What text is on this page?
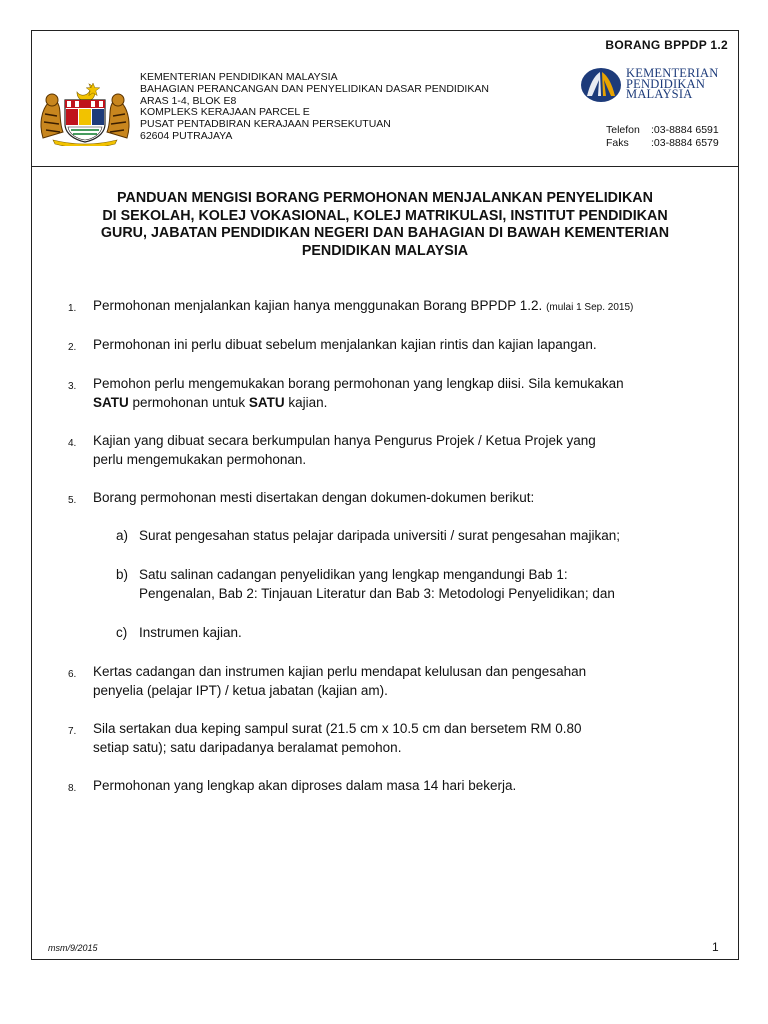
BORANG BPPDP 1.2
KEMENTERIAN PENDIDIKAN MALAYSIA
BAHAGIAN PERANCANGAN DAN PENYELIDIKAN DASAR PENDIDIKAN
ARAS 1-4, BLOK E8
KOMPLEKS KERAJAAN PARCEL E
PUSAT PENTADBIRAN KERAJAAN PERSEKUTUAN
62604 PUTRAJAYA
KEMENTERIAN
PENDIDIKAN
MALAYSIA
Telefon	:03-8884 6591
Faks	:03-8884 6579
PANDUAN MENGISI BORANG PERMOHONAN MENJALANKAN PENYELIDIKAN
DI SEKOLAH, KOLEJ VOKASIONAL, KOLEJ MATRIKULASI, INSTITUT PENDIDIKAN
GURU, JABATAN PENDIDIKAN NEGERI DAN BAHAGIAN DI BAWAH KEMENTERIAN
PENDIDIKAN MALAYSIA
1. Permohonan menjalankan kajian hanya menggunakan Borang BPPDP 1.2. (mulai 1 Sep. 2015)
2. Permohonan ini perlu dibuat sebelum menjalankan kajian rintis dan kajian lapangan.
3. Pemohon perlu mengemukakan borang permohonan yang lengkap diisi. Sila kemukakan
SATU permohonan untuk SATU kajian.
4. Kajian yang dibuat secara berkumpulan hanya Pengurus Projek / Ketua Projek yang
perlu mengemukakan permohonan.
5. Borang permohonan mesti disertakan dengan dokumen-dokumen berikut:
a) Surat pengesahan status pelajar daripada universiti / surat pengesahan majikan;
b) Satu salinan cadangan penyelidikan yang lengkap mengandungi Bab 1:
Pengenalan, Bab 2: Tinjauan Literatur dan Bab 3: Metodologi Penyelidikan; dan
c) Instrumen kajian.
6. Kertas cadangan dan instrumen kajian perlu mendapat kelulusan dan pengesahan
penyelia (pelajar IPT) / ketua jabatan (kajian am).
7. Sila sertakan dua keping sampul surat (21.5 cm x 10.5 cm dan bersetem RM 0.80
setiap satu); satu daripadanya beralamat pemohon.
8. Permohonan yang lengkap akan diproses dalam masa 14 hari bekerja.
msm/9/2015	1
